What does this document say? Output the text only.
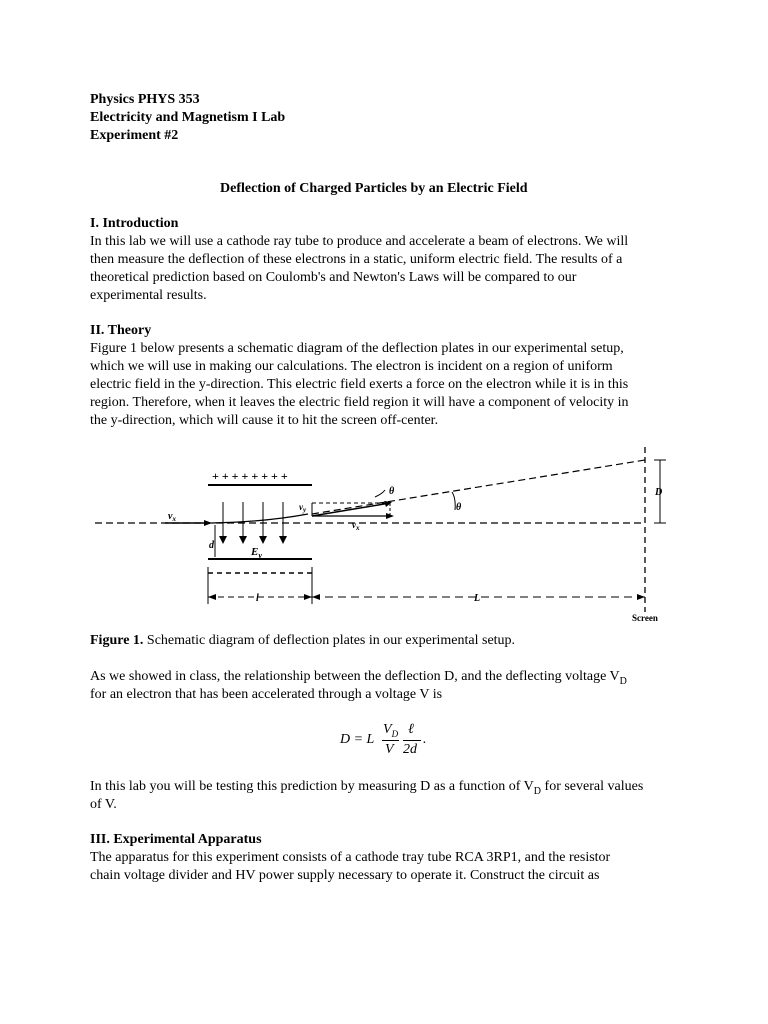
Physics PHYS 353
Electricity and Magnetism I Lab
Experiment #2
Deflection of Charged Particles by an Electric Field
I. Introduction
In this lab we will use a cathode ray tube to produce and accelerate a beam of electrons. We will
then measure the deflection of these electrons in a static, uniform electric field. The results of a
theoretical prediction based on Coulomb's and Newton's Laws will be compared to our
experimental results.
II. Theory
Figure 1 below presents a schematic diagram of the deflection plates in our experimental setup,
which we will use in making our calculations. The electron is incident on a region of uniform
electric field in the y-direction. This electric field exerts a force on the electron while it is in this
region. Therefore, when it leaves the electric field region it will have a component of velocity in
the y-direction, which will cause it to hit the screen off-center.
+ + + + + + + +
$v_x$
$v_y$
$v_x$
θ
θ
d
$E_y$
l	L
D
Screen
Figure 1. Schematic diagram of deflection plates in our experimental setup.
As we showed in class, the relationship between the deflection D, and the deflecting voltage $V_D$
for an electron that has been accelerated through a voltage V is
D = L
$V_D$
V
ℓ
2d
.
In this lab you will be testing this prediction by measuring D as a function of $V_D$ for several values
of V.
III. Experimental Apparatus
The apparatus for this experiment consists of a cathode tray tube RCA 3RP1, and the resistor
chain voltage divider and HV power supply necessary to operate it. Construct the circuit as
